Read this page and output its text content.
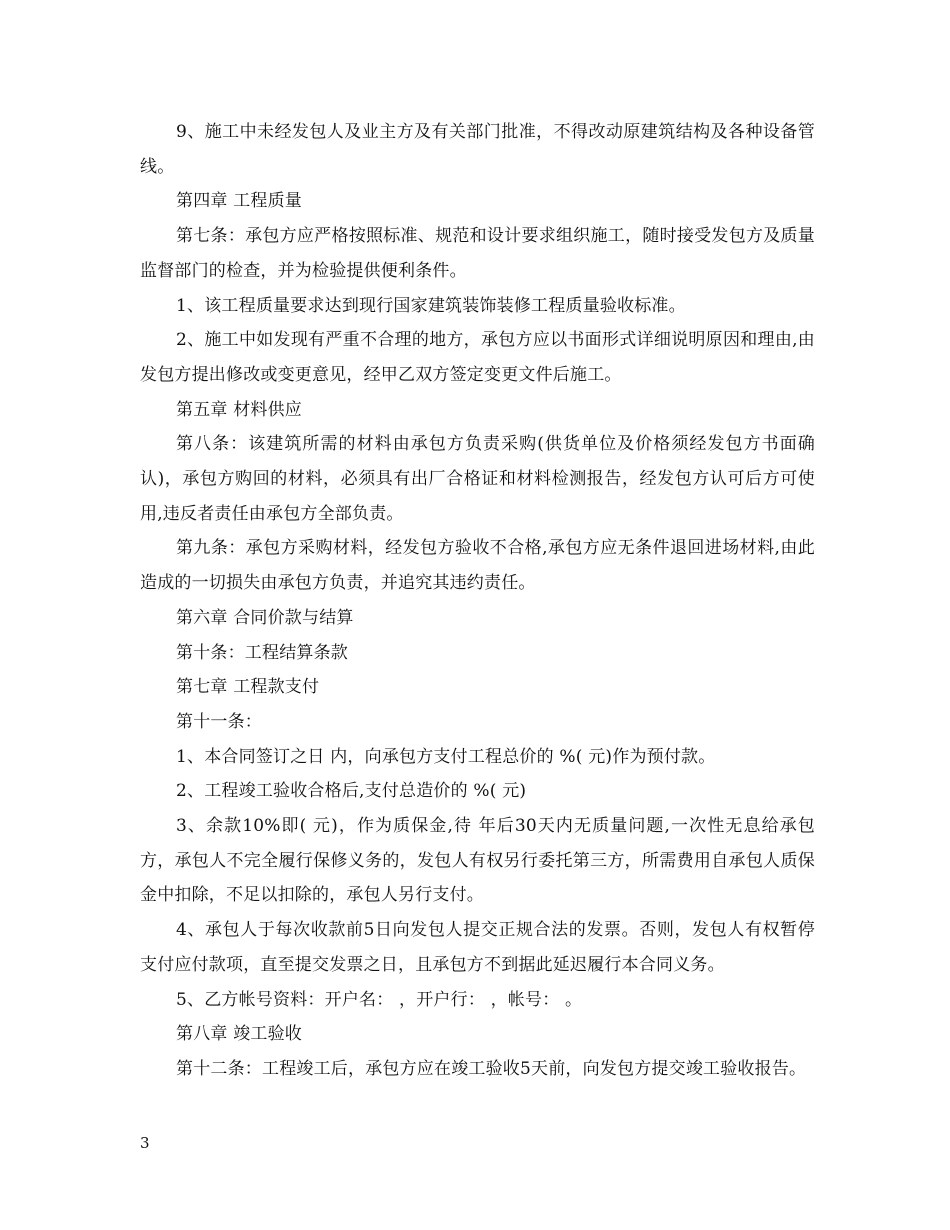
9、施工中未经发包人及业主方及有关部门批准，不得改动原建筑结构及各种设备管线。

第四章 工程质量

第七条：承包方应严格按照标准、规范和设计要求组织施工，随时接受发包方及质量监督部门的检查，并为检验提供便利条件。

1、该工程质量要求达到现行国家建筑装饰装修工程质量验收标准。

2、施工中如发现有严重不合理的地方，承包方应以书面形式详细说明原因和理由,由发包方提出修改或变更意见，经甲乙双方签定变更文件后施工。

第五章 材料供应

第八条：该建筑所需的材料由承包方负责采购(供货单位及价格须经发包方书面确认)，承包方购回的材料，必须具有出厂合格证和材料检测报告，经发包方认可后方可使用,违反者责任由承包方全部负责。

第九条：承包方采购材料，经发包方验收不合格,承包方应无条件退回进场材料,由此造成的一切损失由承包方负责，并追究其违约责任。

第六章 合同价款与结算

第十条：工程结算条款

第七章 工程款支付

第十一条：

1、本合同签订之日 内，向承包方支付工程总价的 %( 元)作为预付款。

2、工程竣工验收合格后,支付总造价的 %( 元)

3、余款10%即( 元)，作为质保金,待 年后30天内无质量问题,一次性无息给承包方，承包人不完全履行保修义务的，发包人有权另行委托第三方，所需费用自承包人质保金中扣除，不足以扣除的，承包人另行支付。

4、承包人于每次收款前5日向发包人提交正规合法的发票。否则，发包人有权暂停支付应付款项，直至提交发票之日，且承包方不到据此延迟履行本合同义务。

5、乙方帐号资料：开户名： ，开户行： ，帐号： 。

第八章 竣工验收

第十二条：工程竣工后，承包方应在竣工验收5天前，向发包方提交竣工验收报告。

3
